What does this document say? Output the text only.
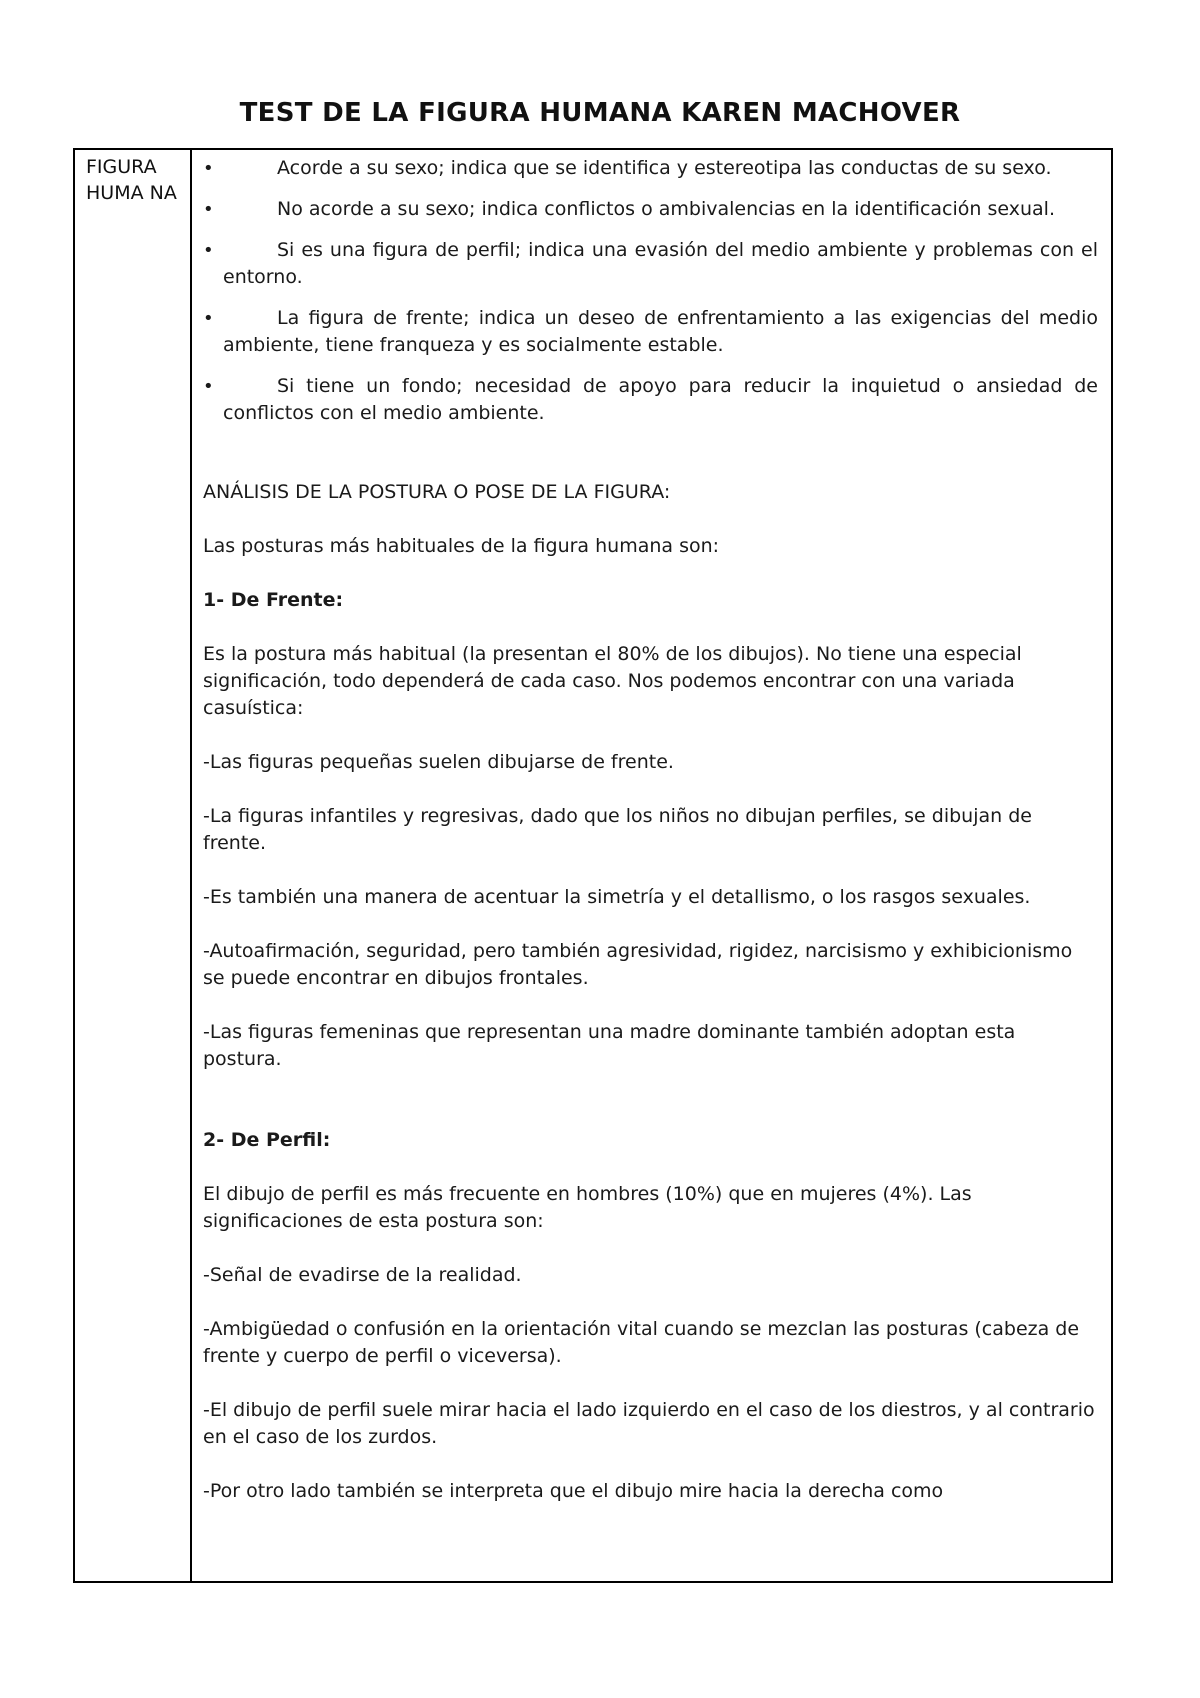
TEST DE LA FIGURA HUMANA KAREN MACHOVER
FIGURA HUMA NA
•	Acorde a su sexo; indica que se identifica y estereotipa las conductas de su sexo.
•	No acorde a su sexo; indica conflictos o ambivalencias en la identificación sexual.
•	Si es una figura de perfil; indica una evasión del medio ambiente y problemas con el entorno.
•	La figura de frente; indica un deseo de enfrentamiento a las exigencias del medio ambiente, tiene franqueza y es socialmente estable.
•	Si tiene un fondo; necesidad de apoyo para reducir la inquietud o ansiedad de conflictos con el medio ambiente.

ANÁLISIS DE LA POSTURA O POSE DE LA FIGURA:

Las posturas más habituales de la figura humana son:

1- De Frente:

Es la postura más habitual (la presentan el 80% de los dibujos). No tiene una especial significación, todo dependerá de cada caso. Nos podemos encontrar con una variada casuística:

-Las figuras pequeñas suelen dibujarse de frente.

-La figuras infantiles y regresivas, dado que los niños no dibujan perfiles, se dibujan de frente.

-Es también una manera de acentuar la simetría y el detallismo, o los rasgos sexuales.

-Autoafirmación, seguridad, pero también agresividad, rigidez, narcisismo y exhibicionismo se puede encontrar en dibujos frontales.

-Las figuras femeninas que representan una madre dominante también adoptan esta postura.

2- De Perfil:

El dibujo de perfil es más frecuente en hombres (10%) que en mujeres (4%). Las significaciones de esta postura son:

-Señal de evadirse de la realidad.

-Ambigüedad o confusión en la orientación vital cuando se mezclan las posturas (cabeza de frente y cuerpo de perfil o viceversa).

-El dibujo de perfil suele mirar hacia el lado izquierdo en el caso de los diestros, y al contrario en el caso de los zurdos.

-Por otro lado también se interpreta que el dibujo mire hacia la derecha como
